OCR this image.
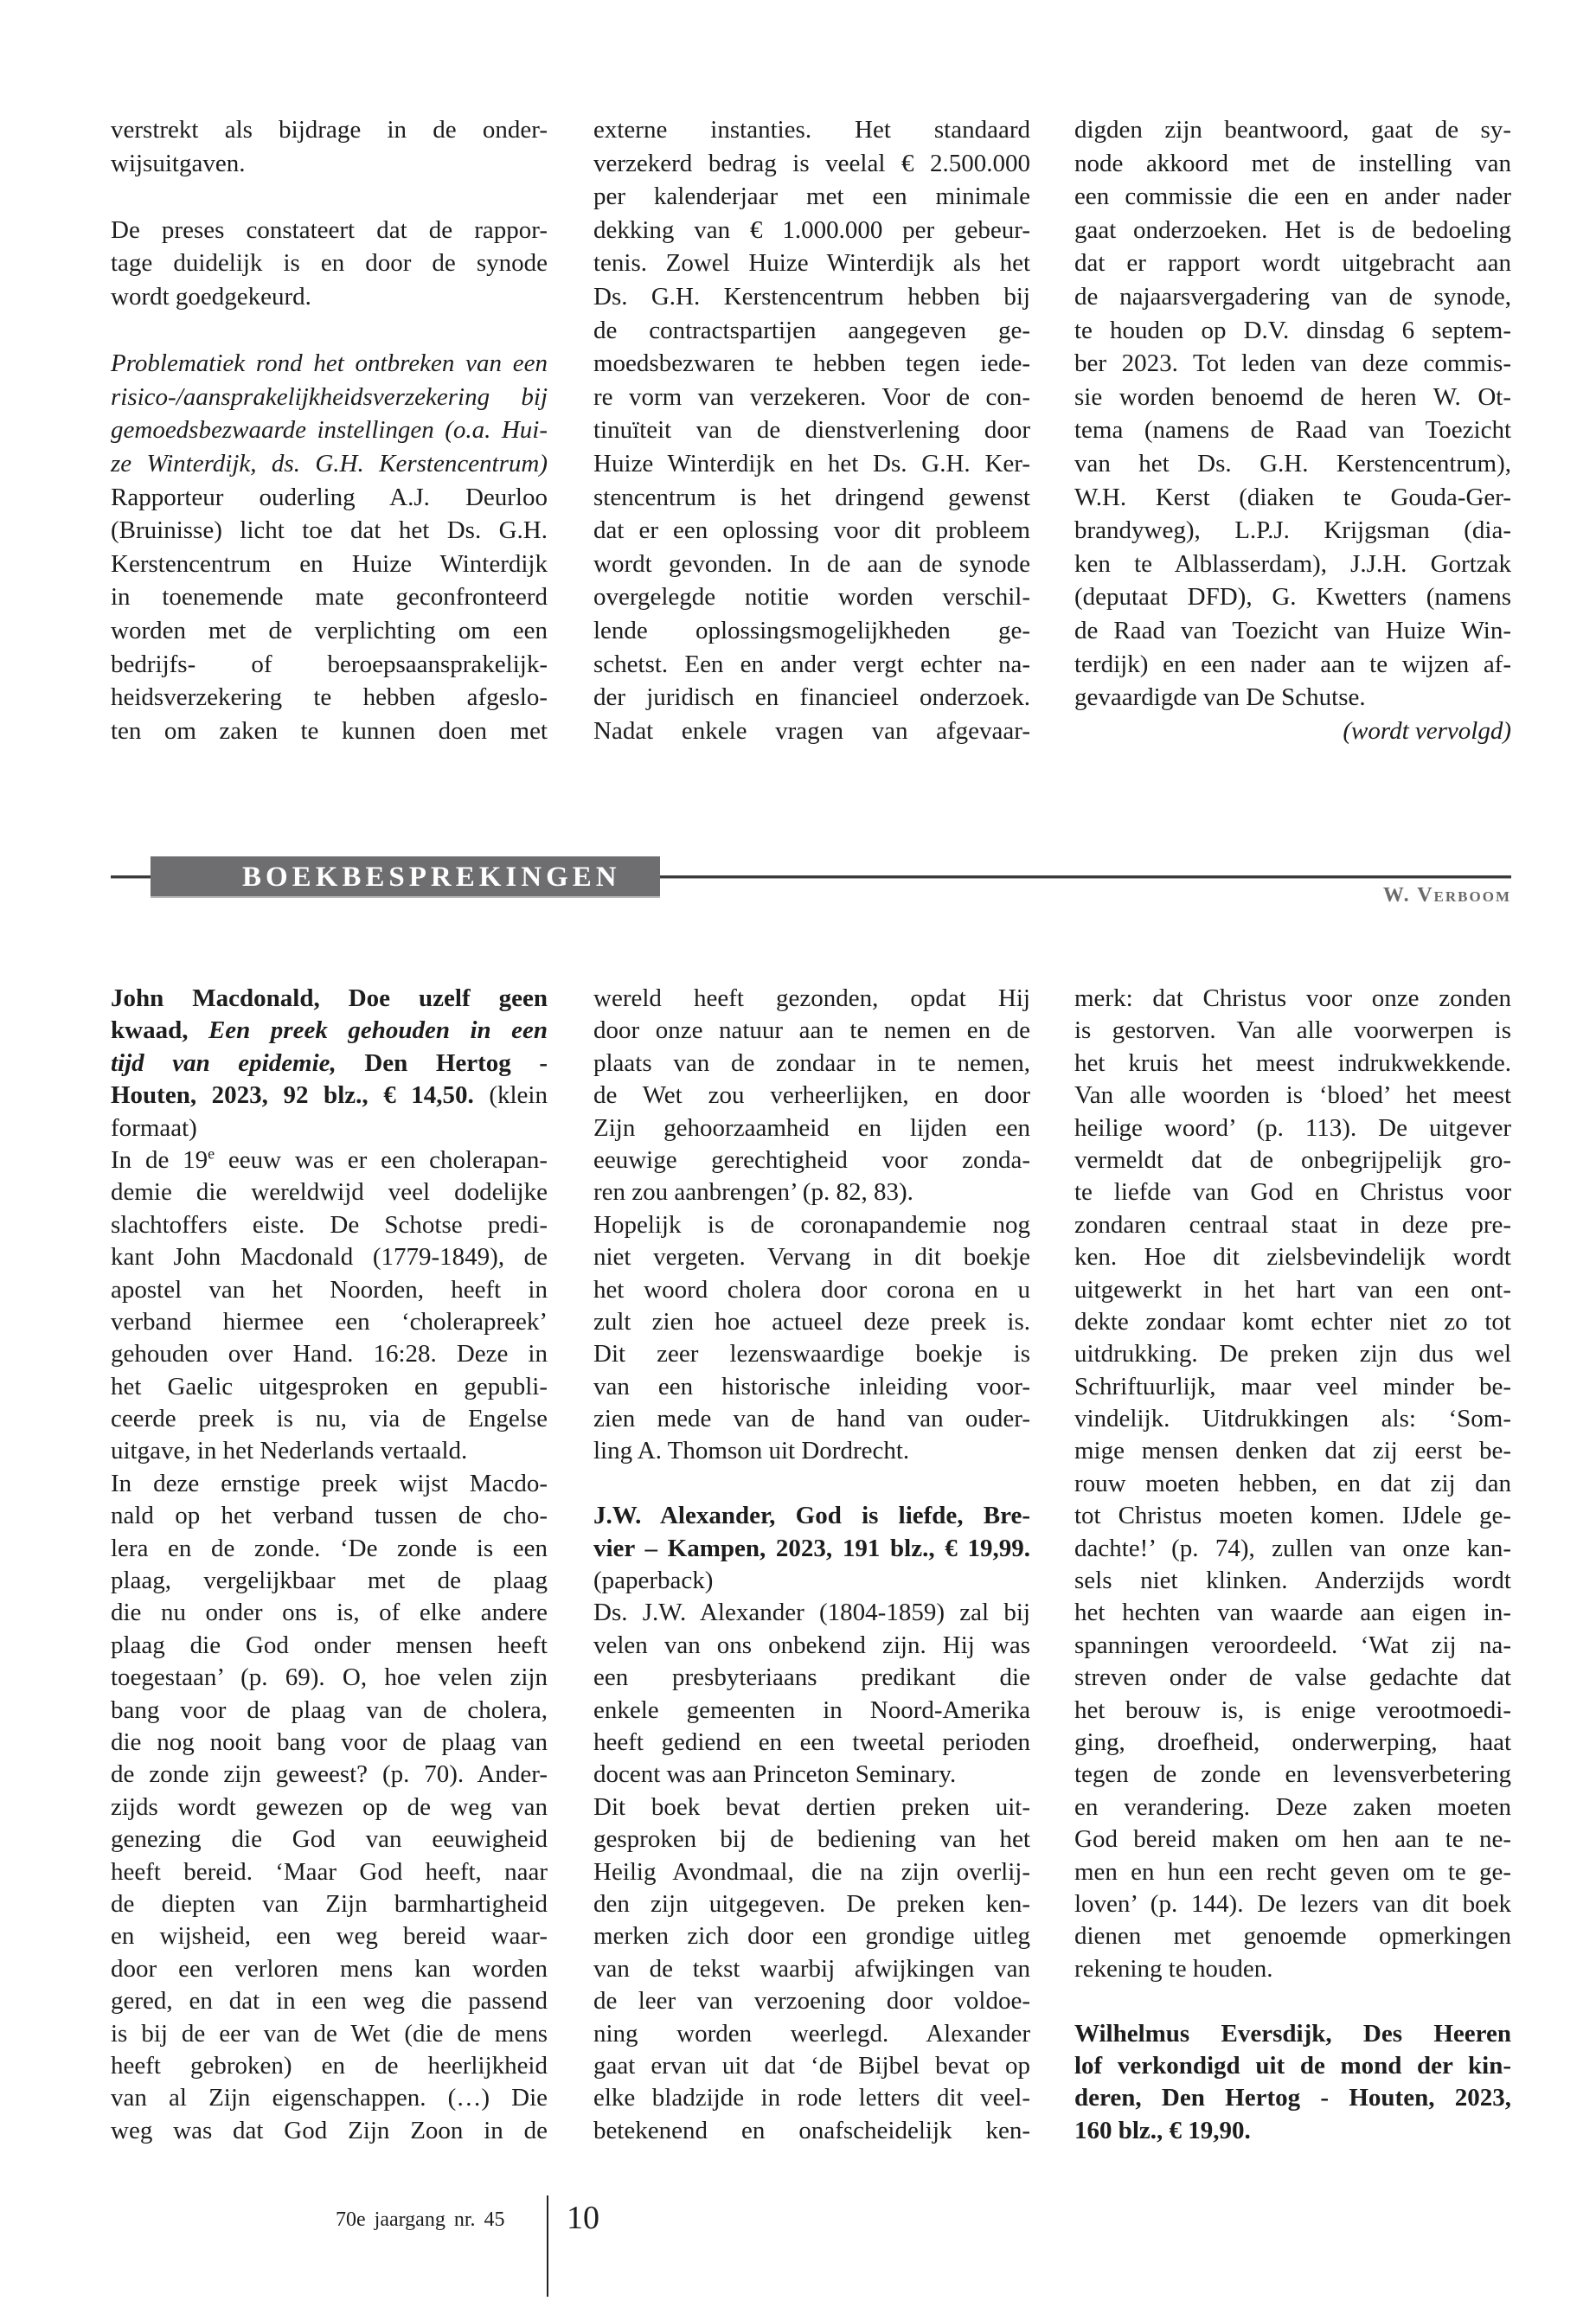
verstrekt als bijdrage in de onder-
wijsuitgaven.

De preses constateert dat de rappor-
tage duidelijk is en door de synode
wordt goedgekeurd.

Problematiek rond het ontbreken van een
risico-/aansprakelijkheidsverzekering bij
gemoedsbezwaarde instellingen (o.a. Hui-
ze Winterdijk, ds. G.H. Kerstencentrum)
Rapporteur ouderling A.J. Deurloo
(Bruinisse) licht toe dat het Ds. G.H.
Kerstencentrum en Huize Winterdijk
in toenemende mate geconfronteerd
worden met de verplichting om een
bedrijfs- of beroepsaansprakelijk-
heidsverzekering te hebben afgeslo-
ten om zaken te kunnen doen met
externe instanties. Het standaard
verzekerd bedrag is veelal € 2.500.000
per kalenderjaar met een minimale
dekking van € 1.000.000 per gebeur-
tenis. Zowel Huize Winterdijk als het
Ds. G.H. Kerstencentrum hebben bij
de contractspartijen aangegeven ge-
moedsbezwaren te hebben tegen iede-
re vorm van verzekeren. Voor de con-
tinuïteit van de dienstverlening door
Huize Winterdijk en het Ds. G.H. Ker-
stencentrum is het dringend gewenst
dat er een oplossing voor dit probleem
wordt gevonden. In de aan de synode
overgelegde notitie worden verschil-
lende oplossingsmogelijkheden ge-
schetst. Een en ander vergt echter na-
der juridisch en financieel onderzoek.
Nadat enkele vragen van afgevaar-
digden zijn beantwoord, gaat de sy-
node akkoord met de instelling van
een commissie die een en ander nader
gaat onderzoeken. Het is de bedoeling
dat er rapport wordt uitgebracht aan
de najaarsvergadering van de synode,
te houden op D.V. dinsdag 6 septem-
ber 2023. Tot leden van deze commis-
sie worden benoemd de heren W. Ot-
tema (namens de Raad van Toezicht
van het Ds. G.H. Kerstencentrum),
W.H. Kerst (diaken te Gouda-Ger-
brandyweg), L.P.J. Krijgsman (dia-
ken te Alblasserdam), J.J.H. Gortzak
(deputaat DFD), G. Kwetters (namens
de Raad van Toezicht van Huize Win-
terdijk) en een nader aan te wijzen af-
gevaardigde van De Schutse.
(wordt vervolgd)
BOEKBESPREKINGEN
W. Verboom
John Macdonald, Doe uzelf geen
kwaad, Een preek gehouden in een
tijd van epidemie, Den Hertog -
Houten, 2023, 92 blz., € 14,50. (klein
formaat)
In de 19e eeuw was er een cholerapan-
demie die wereldwijd veel dodelijke
slachtoffers eiste. De Schotse predi-
kant John Macdonald (1779-1849), de
apostel van het Noorden, heeft in
verband hiermee een ‘cholerapreek’
gehouden over Hand. 16:28. Deze in
het Gaelic uitgesproken en gepubli-
ceerde preek is nu, via de Engelse
uitgave, in het Nederlands vertaald.
In deze ernstige preek wijst Macdo-
nald op het verband tussen de cho-
lera en de zonde. ‘De zonde is een
plaag, vergelijkbaar met de plaag
die nu onder ons is, of elke andere
plaag die God onder mensen heeft
toegestaan’ (p. 69). O, hoe velen zijn
bang voor de plaag van de cholera,
die nog nooit bang voor de plaag van
de zonde zijn geweest? (p. 70). Ander-
zijds wordt gewezen op de weg van
genezing die God van eeuwigheid
heeft bereid. ‘Maar God heeft, naar
de diepten van Zijn barmhartigheid
en wijsheid, een weg bereid waar-
door een verloren mens kan worden
gered, en dat in een weg die passend
is bij de eer van de Wet (die de mens
heeft gebroken) en de heerlijkheid
van al Zijn eigenschappen. (…) Die
weg was dat God Zijn Zoon in de
wereld heeft gezonden, opdat Hij
door onze natuur aan te nemen en de
plaats van de zondaar in te nemen,
de Wet zou verheerlijken, en door
Zijn gehoorzaamheid en lijden een
eeuwige gerechtigheid voor zonda-
ren zou aanbrengen’ (p. 82, 83).
Hopelijk is de coronapandemie nog
niet vergeten. Vervang in dit boekje
het woord cholera door corona en u
zult zien hoe actueel deze preek is.
Dit zeer lezenswaardige boekje is
van een historische inleiding voor-
zien mede van de hand van ouder-
ling A. Thomson uit Dordrecht.

J.W. Alexander, God is liefde, Bre-
vier – Kampen, 2023, 191 blz., € 19,99.
(paperback)
Ds. J.W. Alexander (1804-1859) zal bij
velen van ons onbekend zijn. Hij was
een presbyteriaans predikant die
enkele gemeenten in Noord-Amerika
heeft gediend en een tweetal perioden
docent was aan Princeton Seminary.
Dit boek bevat dertien preken uit-
gesproken bij de bediening van het
Heilig Avondmaal, die na zijn overlij-
den zijn uitgegeven. De preken ken-
merken zich door een grondige uitleg
van de tekst waarbij afwijkingen van
de leer van verzoening door voldoe-
ning worden weerlegd. Alexander
gaat ervan uit dat ‘de Bijbel bevat op
elke bladzijde in rode letters dit veel-
betekenend en onafscheidelijk ken-
merk: dat Christus voor onze zonden
is gestorven. Van alle voorwerpen is
het kruis het meest indrukwekkende.
Van alle woorden is ‘bloed’ het meest
heilige woord’ (p. 113). De uitgever
vermeldt dat de onbegrijpelijk gro-
te liefde van God en Christus voor
zondaren centraal staat in deze pre-
ken. Hoe dit zielsbevindelijk wordt
uitgewerkt in het hart van een ont-
dekte zondaar komt echter niet zo tot
uitdrukking. De preken zijn dus wel
Schriftuurlijk, maar veel minder be-
vindelijk. Uitdrukkingen als: ‘Som-
mige mensen denken dat zij eerst be-
rouw moeten hebben, en dat zij dan
tot Christus moeten komen. IJdele ge-
dachte!’ (p. 74), zullen van onze kan-
sels niet klinken. Anderzijds wordt
het hechten van waarde aan eigen in-
spanningen veroordeeld. ‘Wat zij na-
streven onder de valse gedachte dat
het berouw is, is enige verootmoedi-
ging, droefheid, onderwerping, haat
tegen de zonde en levensverbetering
en verandering. Deze zaken moeten
God bereid maken om hen aan te ne-
men en hun een recht geven om te ge-
loven’ (p. 144). De lezers van dit boek
dienen met genoemde opmerkingen
rekening te houden.

Wilhelmus Eversdijk, Des Heeren
lof verkondigd uit de mond der kin-
deren, Den Hertog - Houten, 2023,
160 blz., € 19,90.
70e jaargang nr. 45 10
